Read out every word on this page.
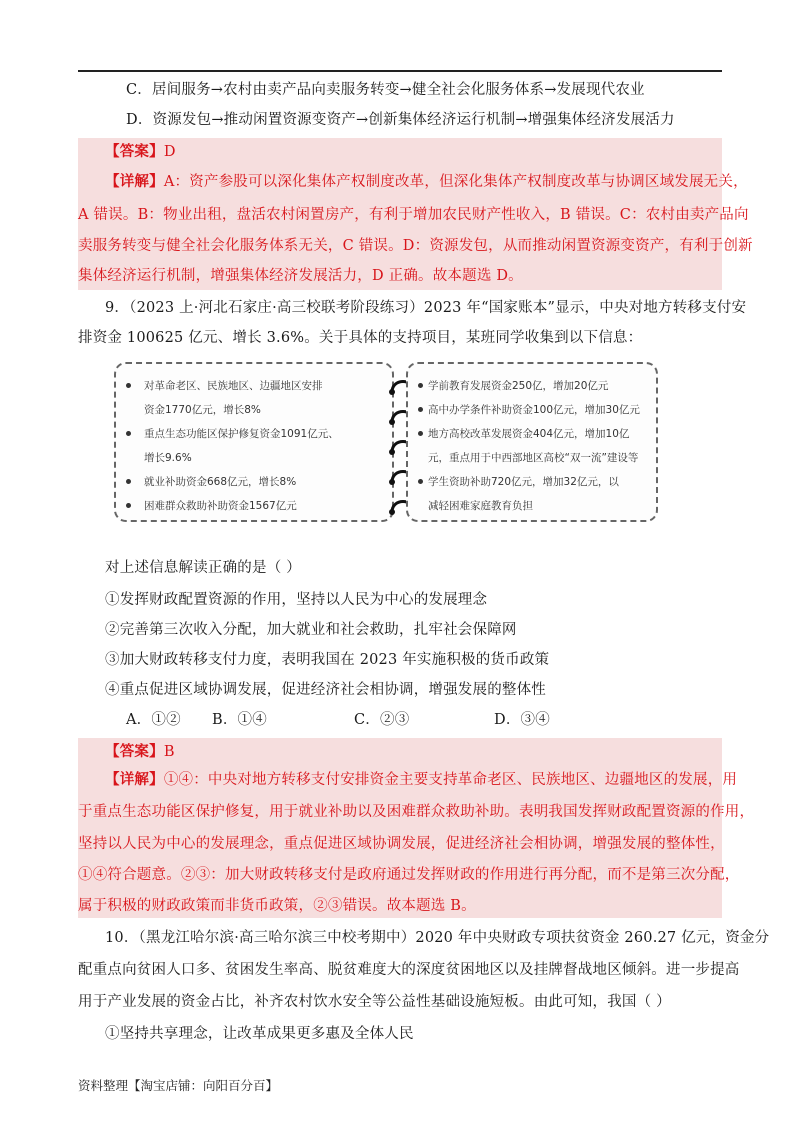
C．居间服务→农村由卖产品向卖服务转变→健全社会化服务体系→发展现代农业
D．资源发包→推动闲置资源变资产→创新集体经济运行机制→增强集体经济发展活力
【答案】D
【详解】A：资产参股可以深化集体产权制度改革，但深化集体产权制度改革与协调区域发展无关，
A 错误。B：物业出租，盘活农村闲置房产，有利于增加农民财产性收入，B 错误。C：农村由卖产品向
卖服务转变与健全社会化服务体系无关，C 错误。D：资源发包，从而推动闲置资源变资产，有利于创新
集体经济运行机制，增强集体经济发展活力，D 正确。故本题选 D。
9．（2023 上·河北石家庄·高三校联考阶段练习）2023 年“国家账本”显示，中央对地方转移支付安
排资金 100625 亿元、增长 3.6%。关于具体的支持项目，某班同学收集到以下信息：
对革命老区、民族地区、边疆地区安排
资金1770亿元，增长8%
重点生态功能区保护修复资金1091亿元、
增长9.6%
就业补助资金668亿元，增长8%
困难群众救助补助资金1567亿元
学前教育发展资金250亿，增加20亿元
高中办学条件补助资金100亿元，增加30亿元
地方高校改革发展资金404亿元，增加10亿
元，重点用于中西部地区高校“双一流”建设等
学生资助补助720亿元，增加32亿元，以
减轻困难家庭教育负担
对上述信息解读正确的是（ ）
①发挥财政配置资源的作用，坚持以人民为中心的发展理念
②完善第三次收入分配，加大就业和社会救助，扎牢社会保障网
③加大财政转移支付力度，表明我国在 2023 年实施积极的货币政策
④重点促进区域协调发展，促进经济社会相协调，增强发展的整体性
A．①② B．①④	C．②③	D．③④
【答案】B
【详解】①④：中央对地方转移支付安排资金主要支持革命老区、民族地区、边疆地区的发展，用
于重点生态功能区保护修复，用于就业补助以及困难群众救助补助。表明我国发挥财政配置资源的作用，
坚持以人民为中心的发展理念，重点促进区域协调发展，促进经济社会相协调，增强发展的整体性，
①④符合题意。②③：加大财政转移支付是政府通过发挥财政的作用进行再分配，而不是第三次分配，
属于积极的财政政策而非货币政策，②③错误。故本题选 B。
10．（黑龙江哈尔滨·高三哈尔滨三中校考期中）2020 年中央财政专项扶贫资金 260.27 亿元，资金分
配重点向贫困人口多、贫困发生率高、脱贫难度大的深度贫困地区以及挂牌督战地区倾斜。进一步提高
用于产业发展的资金占比，补齐农村饮水安全等公益性基础设施短板。由此可知，我国（ ）
①坚持共享理念，让改革成果更多惠及全体人民
资料整理【淘宝店铺：向阳百分百】
